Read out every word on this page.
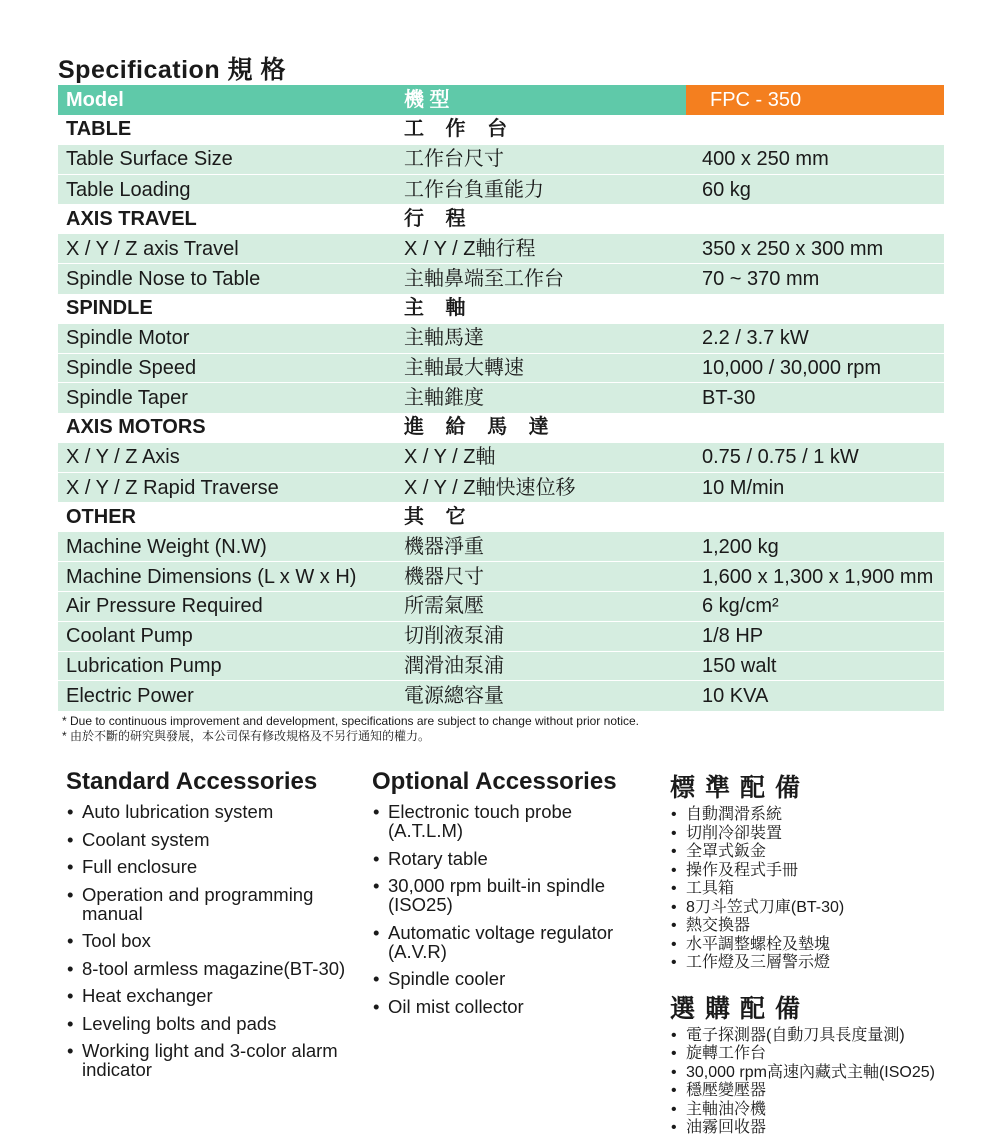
Specification 規 格
Model	機 型	FPC - 350
TABLE	工 作 台	
Table Surface Size	工作台尺寸	400 x 250 mm
Table Loading	工作台負重能力	60 kg
AXIS TRAVEL	行 程	
X / Y / Z axis Travel	X / Y / Z軸行程	350 x 250 x 300 mm
Spindle Nose to Table	主軸鼻端至工作台	70 ~ 370 mm
SPINDLE	主 軸	
Spindle Motor	主軸馬達	2.2 / 3.7 kW
Spindle Speed	主軸最大轉速	10,000 / 30,000 rpm
Spindle Taper	主軸錐度	BT-30
AXIS MOTORS	進 給 馬 達	
X / Y / Z Axis	X / Y / Z軸	0.75 / 0.75 / 1 kW
X / Y / Z Rapid Traverse	X / Y / Z軸快速位移	10 M/min
OTHER	其 它	
Machine Weight (N.W)	機器淨重	1,200 kg
Machine Dimensions (L x W x H)	機器尺寸	1,600 x 1,300 x 1,900 mm
Air Pressure Required	所需氣壓	6 kg/cm²
Coolant Pump	切削液泵浦	1/8 HP
Lubrication Pump	潤滑油泵浦	150 walt
Electric Power	電源總容量	10 KVA
* Due to continuous improvement and development, specifications are subject to change without prior notice.
* 由於不斷的研究與發展，本公司保有修改規格及不另行通知的權力。
Standard Accessories
• Auto lubrication system
• Coolant system
• Full enclosure
• Operation and programming manual
• Tool box
• 8-tool armless magazine(BT-30)
• Heat exchanger
• Leveling bolts and pads
• Working light and 3-color alarm indicator
Optional Accessories
• Electronic touch probe (A.T.L.M)
• Rotary table
• 30,000 rpm built-in spindle (ISO25)
• Automatic voltage regulator (A.V.R)
• Spindle cooler
• Oil mist collector
標準配備
• 自動潤滑系統
• 切削冷卻裝置
• 全罩式鈑金
• 操作及程式手冊
• 工具箱
• 8刀斗笠式刀庫(BT-30)
• 熱交換器
• 水平調整螺栓及墊塊
• 工作燈及三層警示燈
選購配備
• 電子探測器(自動刀具長度量測)
• 旋轉工作台
• 30,000 rpm高速內藏式主軸(ISO25)
• 穩壓變壓器
• 主軸油冷機
• 油霧回收器
